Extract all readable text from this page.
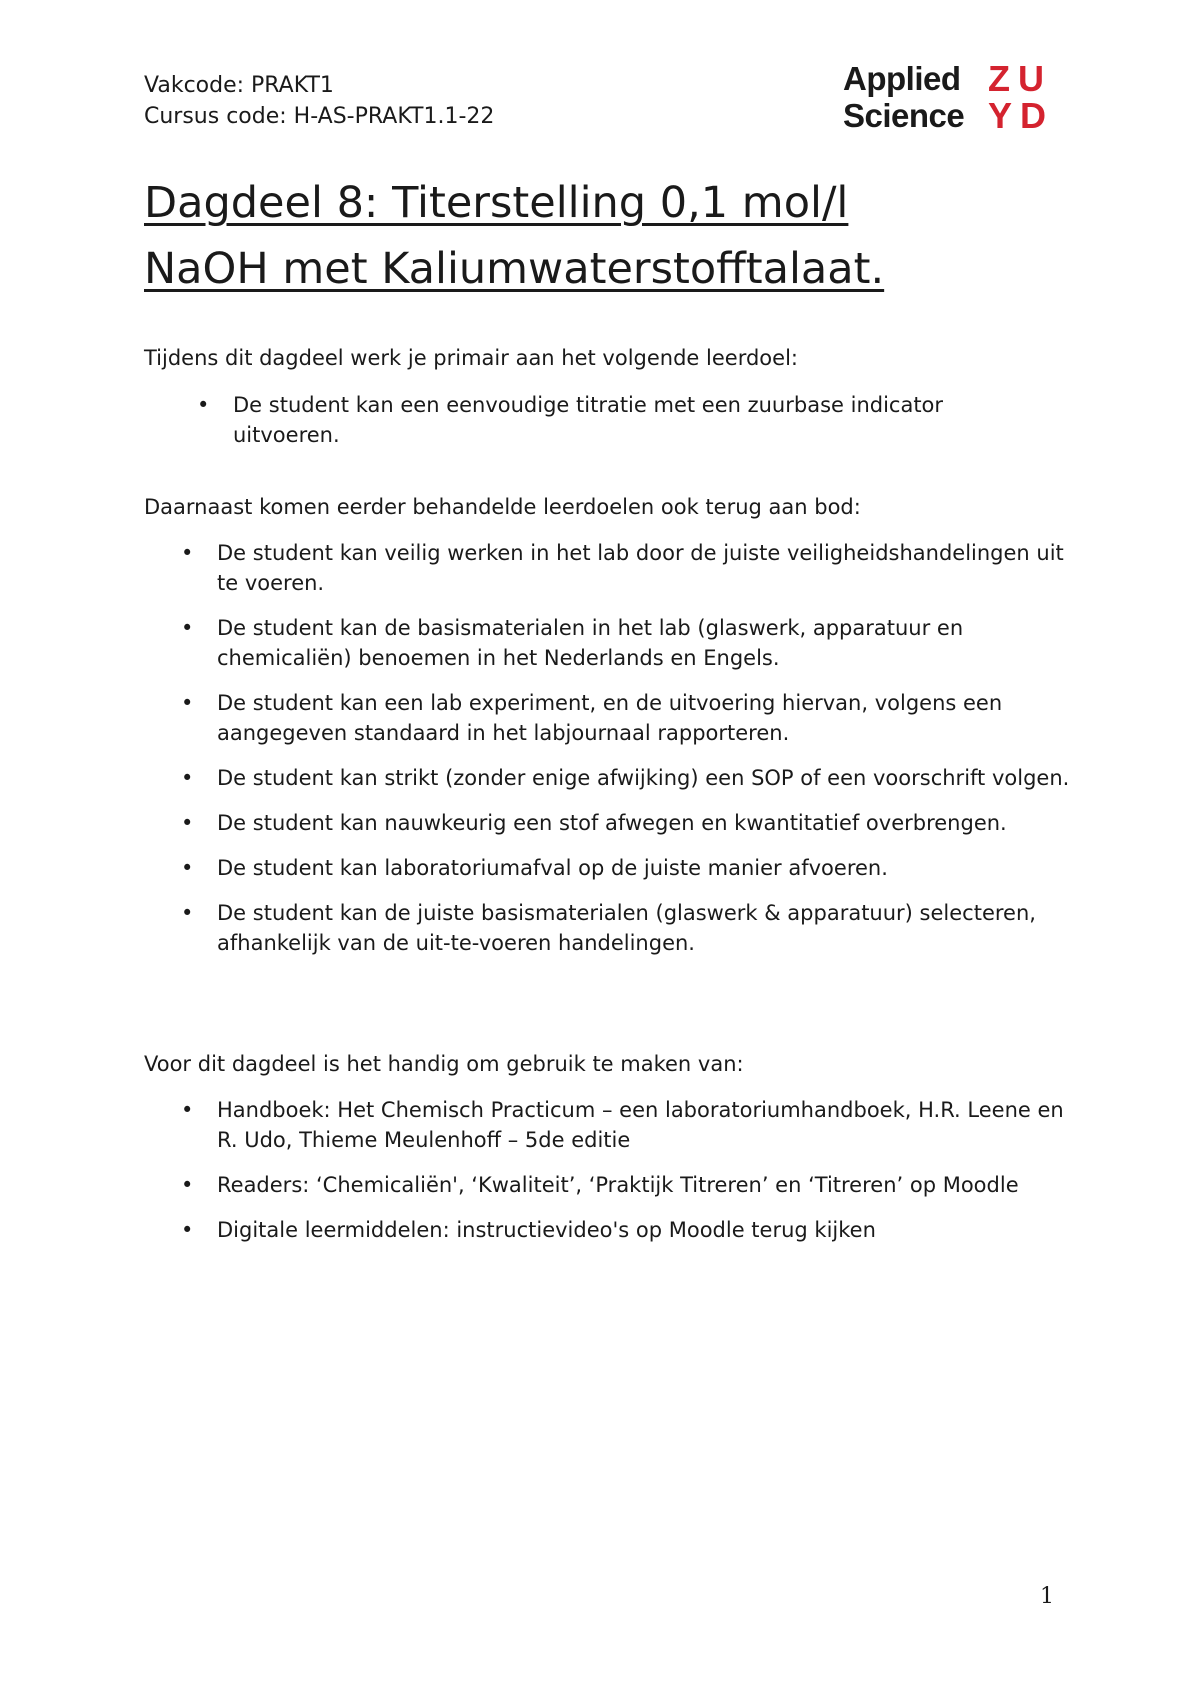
Vakcode: PRAKT1
Cursus code: H-AS-PRAKT1.1-22
Applied
Science
ZU
YD
Dagdeel 8: Titerstelling 0,1 mol/l
NaOH met Kaliumwaterstofftalaat.

Tijdens dit dagdeel werk je primair aan het volgende leerdoel:

• De student kan een eenvoudige titratie met een zuurbase indicator uitvoeren.

Daarnaast komen eerder behandelde leerdoelen ook terug aan bod:

• De student kan veilig werken in het lab door de juiste veiligheidshandelingen uit te voeren.
• De student kan de basismaterialen in het lab (glaswerk, apparatuur en chemicaliën) benoemen in het Nederlands en Engels.
• De student kan een lab experiment, en de uitvoering hiervan, volgens een aangegeven standaard in het labjournaal rapporteren.
• De student kan strikt (zonder enige afwijking) een SOP of een voorschrift volgen.
• De student kan nauwkeurig een stof afwegen en kwantitatief overbrengen.
• De student kan laboratoriumafval op de juiste manier afvoeren.
• De student kan de juiste basismaterialen (glaswerk & apparatuur) selecteren, afhankelijk van de uit-te-voeren handelingen.

Voor dit dagdeel is het handig om gebruik te maken van:

• Handboek: Het Chemisch Practicum – een laboratoriumhandboek, H.R. Leene en R. Udo, Thieme Meulenhoff – 5de editie
• Readers: ‘Chemicaliën', ‘Kwaliteit’, ‘Praktijk Titreren’ en ‘Titreren’ op Moodle
• Digitale leermiddelen: instructievideo's op Moodle terug kijken
1
